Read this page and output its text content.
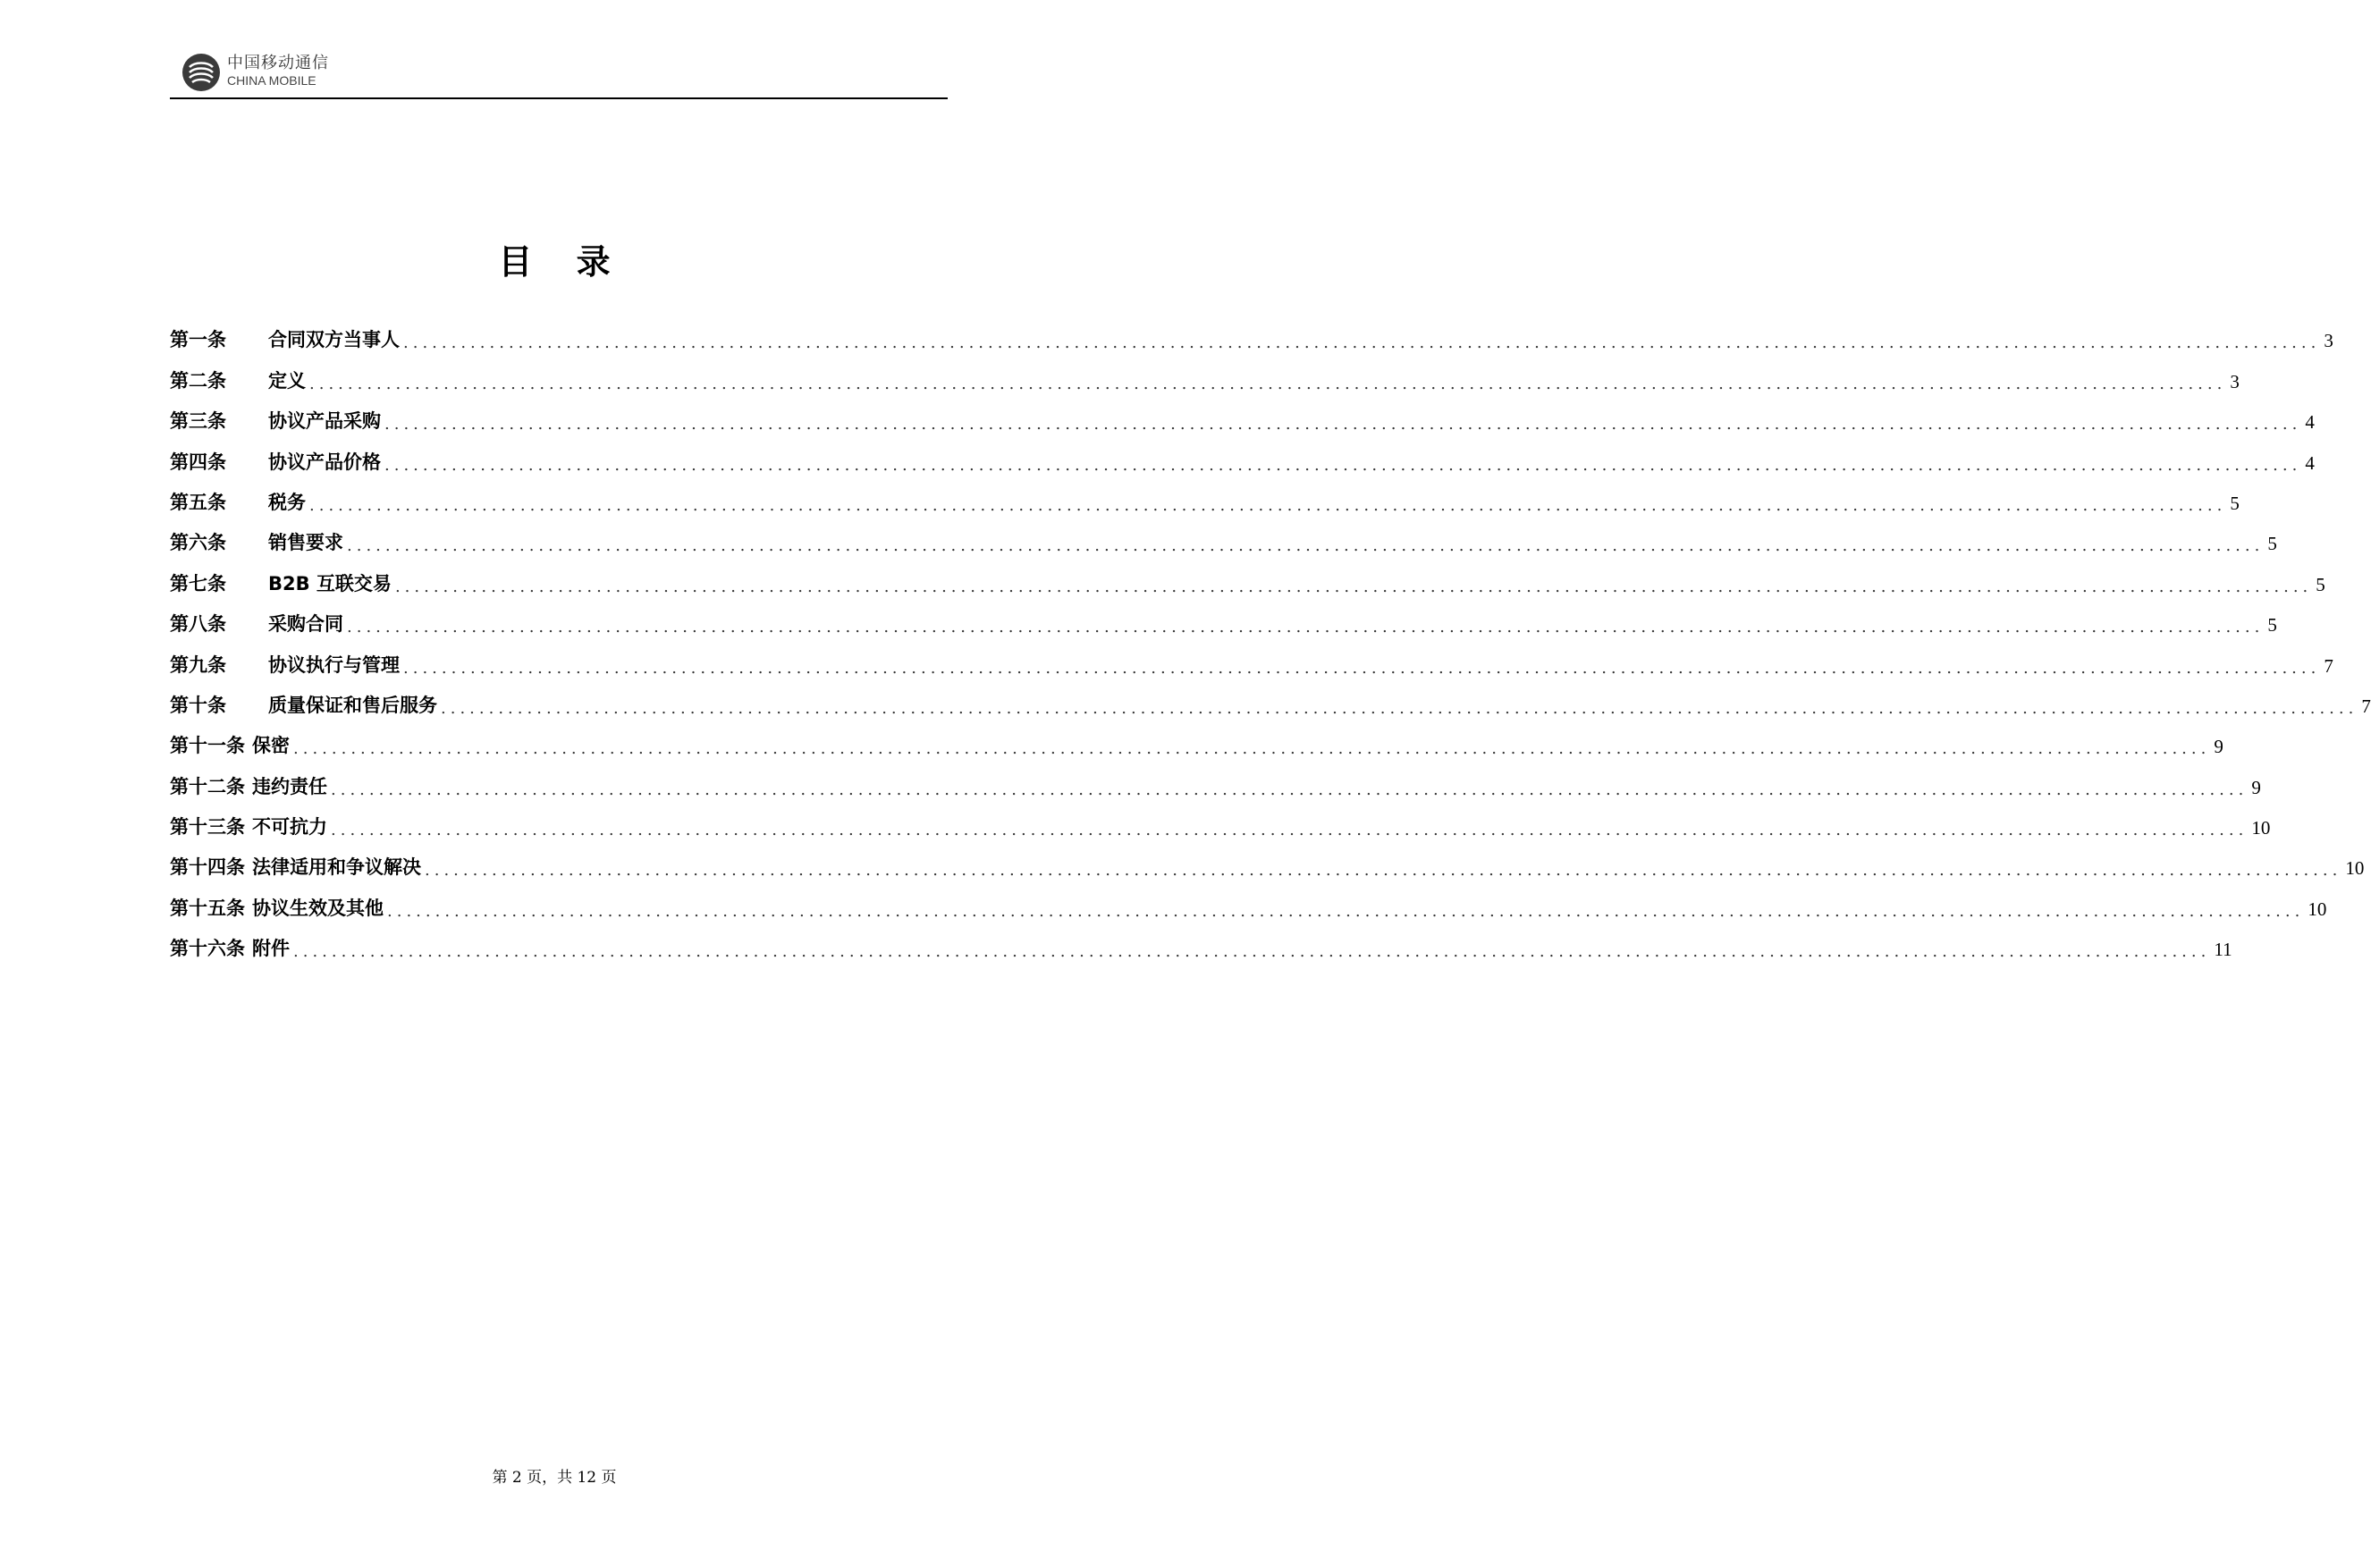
中国移动通信
CHINA MOBILE
目 录
第一条	合同双方当事人 ........................................................................................................................................................................................................ 3
第二条	定义 ........................................................................................................................................................................................................ 3
第三条	协议产品采购 ........................................................................................................................................................................................................ 4
第四条	协议产品价格 ........................................................................................................................................................................................................ 4
第五条	税务 ........................................................................................................................................................................................................ 5
第六条	销售要求 ........................................................................................................................................................................................................ 5
第七条	B2B 互联交易 ........................................................................................................................................................................................................ 5
第八条	采购合同 ........................................................................................................................................................................................................ 5
第九条	协议执行与管理 ........................................................................................................................................................................................................ 7
第十条	质量保证和售后服务 ........................................................................................................................................................................................................ 7
第十一条 保密 ........................................................................................................................................................................................................ 9
第十二条 违约责任 ........................................................................................................................................................................................................ 9
第十三条 不可抗力 ........................................................................................................................................................................................................ 10
第十四条 法律适用和争议解决 ........................................................................................................................................................................................................ 10
第十五条 协议生效及其他 ........................................................................................................................................................................................................ 10
第十六条 附件 ........................................................................................................................................................................................................ 11
第 2 页，共 12 页
